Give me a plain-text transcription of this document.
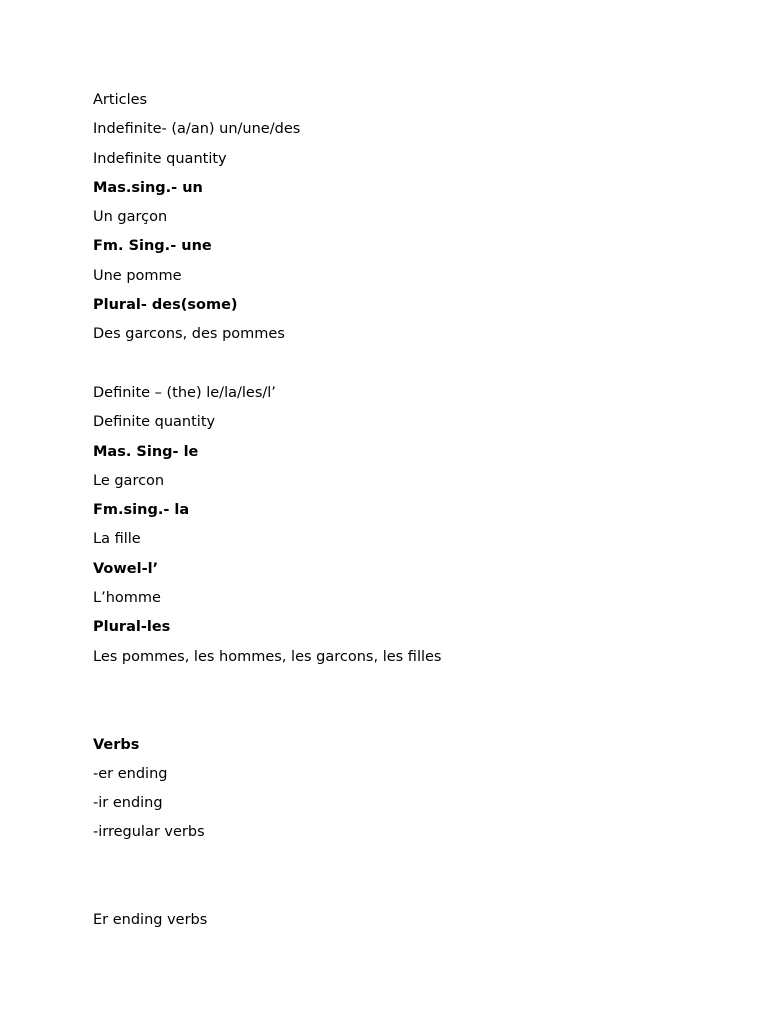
Articles
Indefinite- (a/an) un/une/des
Indefinite quantity
Mas.sing.- un
Un garçon
Fm. Sing.- une
Une pomme
Plural- des(some)
Des garcons, des pommes
Definite – (the) le/la/les/l’
Definite quantity
Mas. Sing- le
Le garcon
Fm.sing.- la
La fille
Vowel-l’
L’homme
Plural-les
Les pommes, les hommes, les garcons, les filles
Verbs
-er ending
-ir ending
-irregular verbs
Er ending verbs
